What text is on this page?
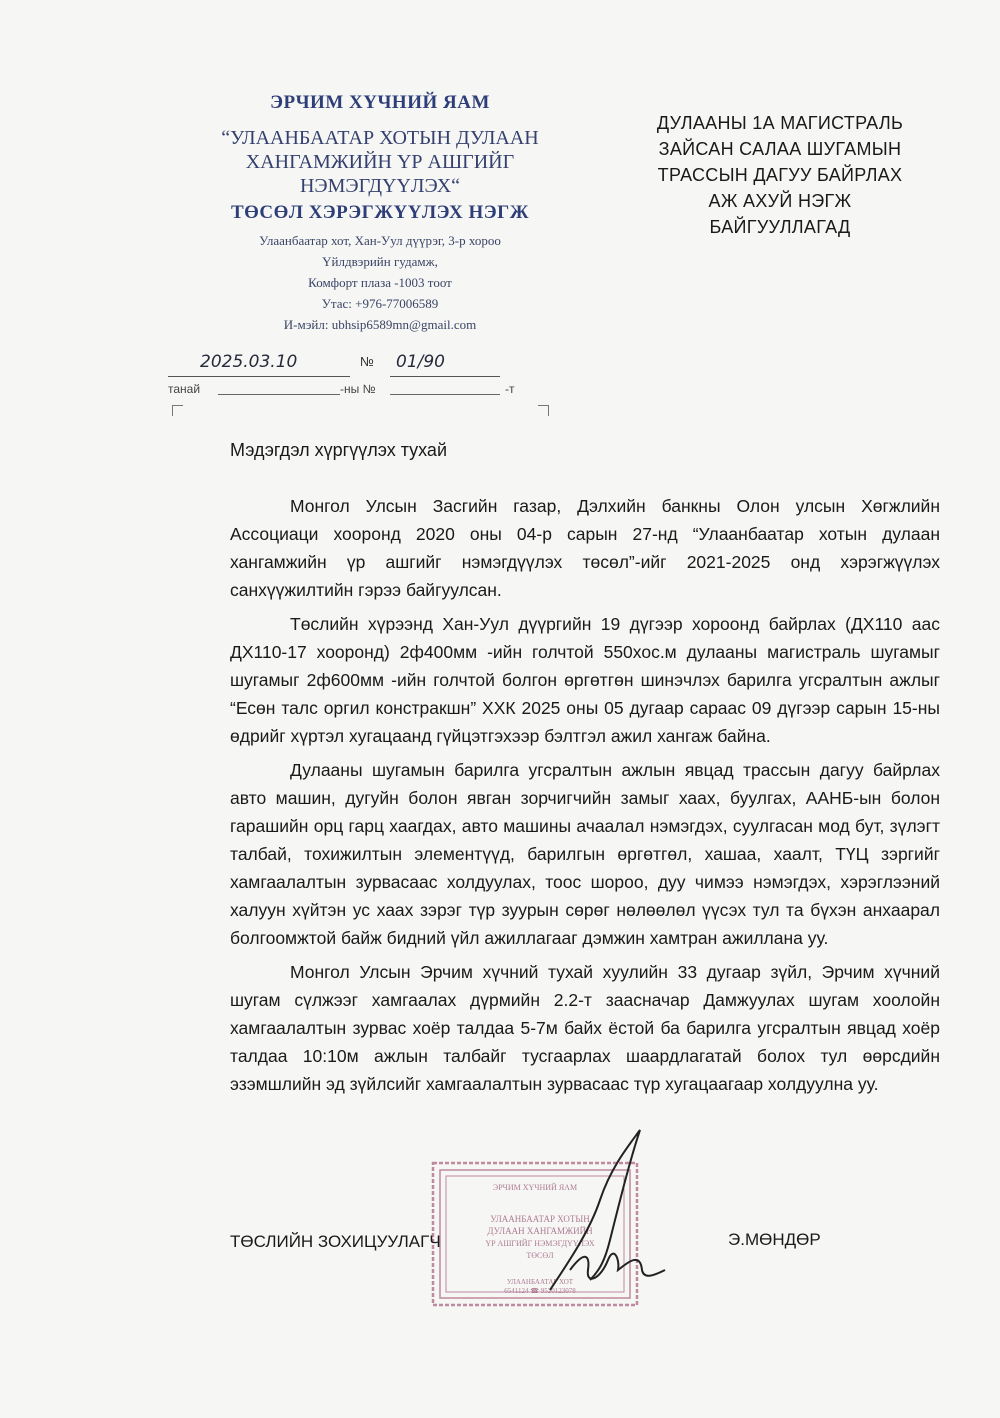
ЭРЧИМ ХҮЧНИЙ ЯАМ
“УЛААНБААТАР ХОТЫН ДУЛААН
ХАНГАМЖИЙН ҮР АШГИЙГ
НЭМЭГДҮҮЛЭХ“
ТӨСӨЛ ХЭРЭГЖҮҮЛЭХ НЭГЖ
Улаанбаатар хот, Хан-Уул дүүрэг, 3-р хороо
Үйлдвэрийн гудамж,
Комфорт плаза -1003 тоот
Утас: +976-77006589
И-мэйл: ubhsip6589mn@gmail.com
ДУЛААНЫ 1А МАГИСТРАЛЬ
ЗАЙСАН САЛАА ШУГАМЫН
ТРАССЫН ДАГУУ БАЙРЛАХ
АЖ АХУЙ НЭГЖ
БАЙГУУЛЛАГАД
2025.03.10	№ 01/90
танай	-ны №	-т
Мэдэгдэл хүргүүлэх тухай

Монгол Улсын Засгийн газар, Дэлхийн банкны Олон улсын Хөгжлийн Ассоциаци хооронд 2020 оны 04-р сарын 27-нд “Улаанбаатар хотын дулаан хангамжийн үр ашгийг нэмэгдүүлэх төсөл”-ийг 2021-2025 онд хэрэгжүүлэх санхүүжилтийн гэрээ байгуулсан.

Төслийн хүрээнд Хан-Уул дүүргийн 19 дүгээр хороонд байрлах (ДХ110 аас ДХ110-17 хооронд) 2ф400мм -ийн голчтой 550хос.м дулааны магистраль шугамыг шугамыг 2ф600мм -ийн голчтой болгон өргөтгөн шинэчлэх барилга угсралтын ажлыг “Есөн талс оргил констракшн” ХХК 2025 оны 05 дугаар сараас 09 дүгээр сарын 15-ны өдрийг хүртэл хугацаанд гүйцэтгэхээр бэлтгэл ажил хангаж байна.

Дулааны шугамын барилга угсралтын ажлын явцад трассын дагуу байрлах авто машин, дугуйн болон явган зорчигчийн замыг хаах, буулгах, ААНБ-ын болон гарашийн орц гарц хаагдах, авто машины ачаалал нэмэгдэх, суулгасан мод бут, зүлэгт талбай, тохижилтын элементүүд, барилгын өргөтгөл, хашаа, хаалт, ТҮЦ зэргийг хамгаалалтын зурвасаас холдуулах, тоос шороо, дуу чимээ нэмэгдэх, хэрэглээний халуун хүйтэн ус хаах зэрэг түр зуурын сөрөг нөлөөлөл үүсэх тул та бүхэн анхаарал болгоомжтой байж бидний үйл ажиллагааг дэмжин хамтран ажиллана уу.

Монгол Улсын Эрчим хүчний тухай хуулийн 33 дугаар зүйл, Эрчим хүчний шугам сүлжээг хамгаалах дүрмийн 2.2-т заасначар Дамжуулах шугам хоолойн хамгаалалтын зурвас хоёр талдаа 5-7м байх ёстой ба барилга угсралтын явцад хоёр талдаа 10:10м ажлын талбайг тусгаарлах шаардлагатай болох тул өөрсдийн эзэмшлийн эд зүйлсийг хамгаалалтын зурвасаас түр хугацаагаар холдуулна уу.

ЭРЧИМ ХҮЧНИЙ ЯАМ
УЛААНБААТАР ХОТЫН
ДУЛААН ХАНГАМЖИЙН
ҮР АШГИЙГ НЭМЭГДҮҮЛЭХ
ТӨСӨЛ
УЛААНБААТАР ХОТ
6541124 ☎ 9520123078
ТӨСЛИЙН ЗОХИЦУУЛАГЧ	Э.МӨНДӨР
